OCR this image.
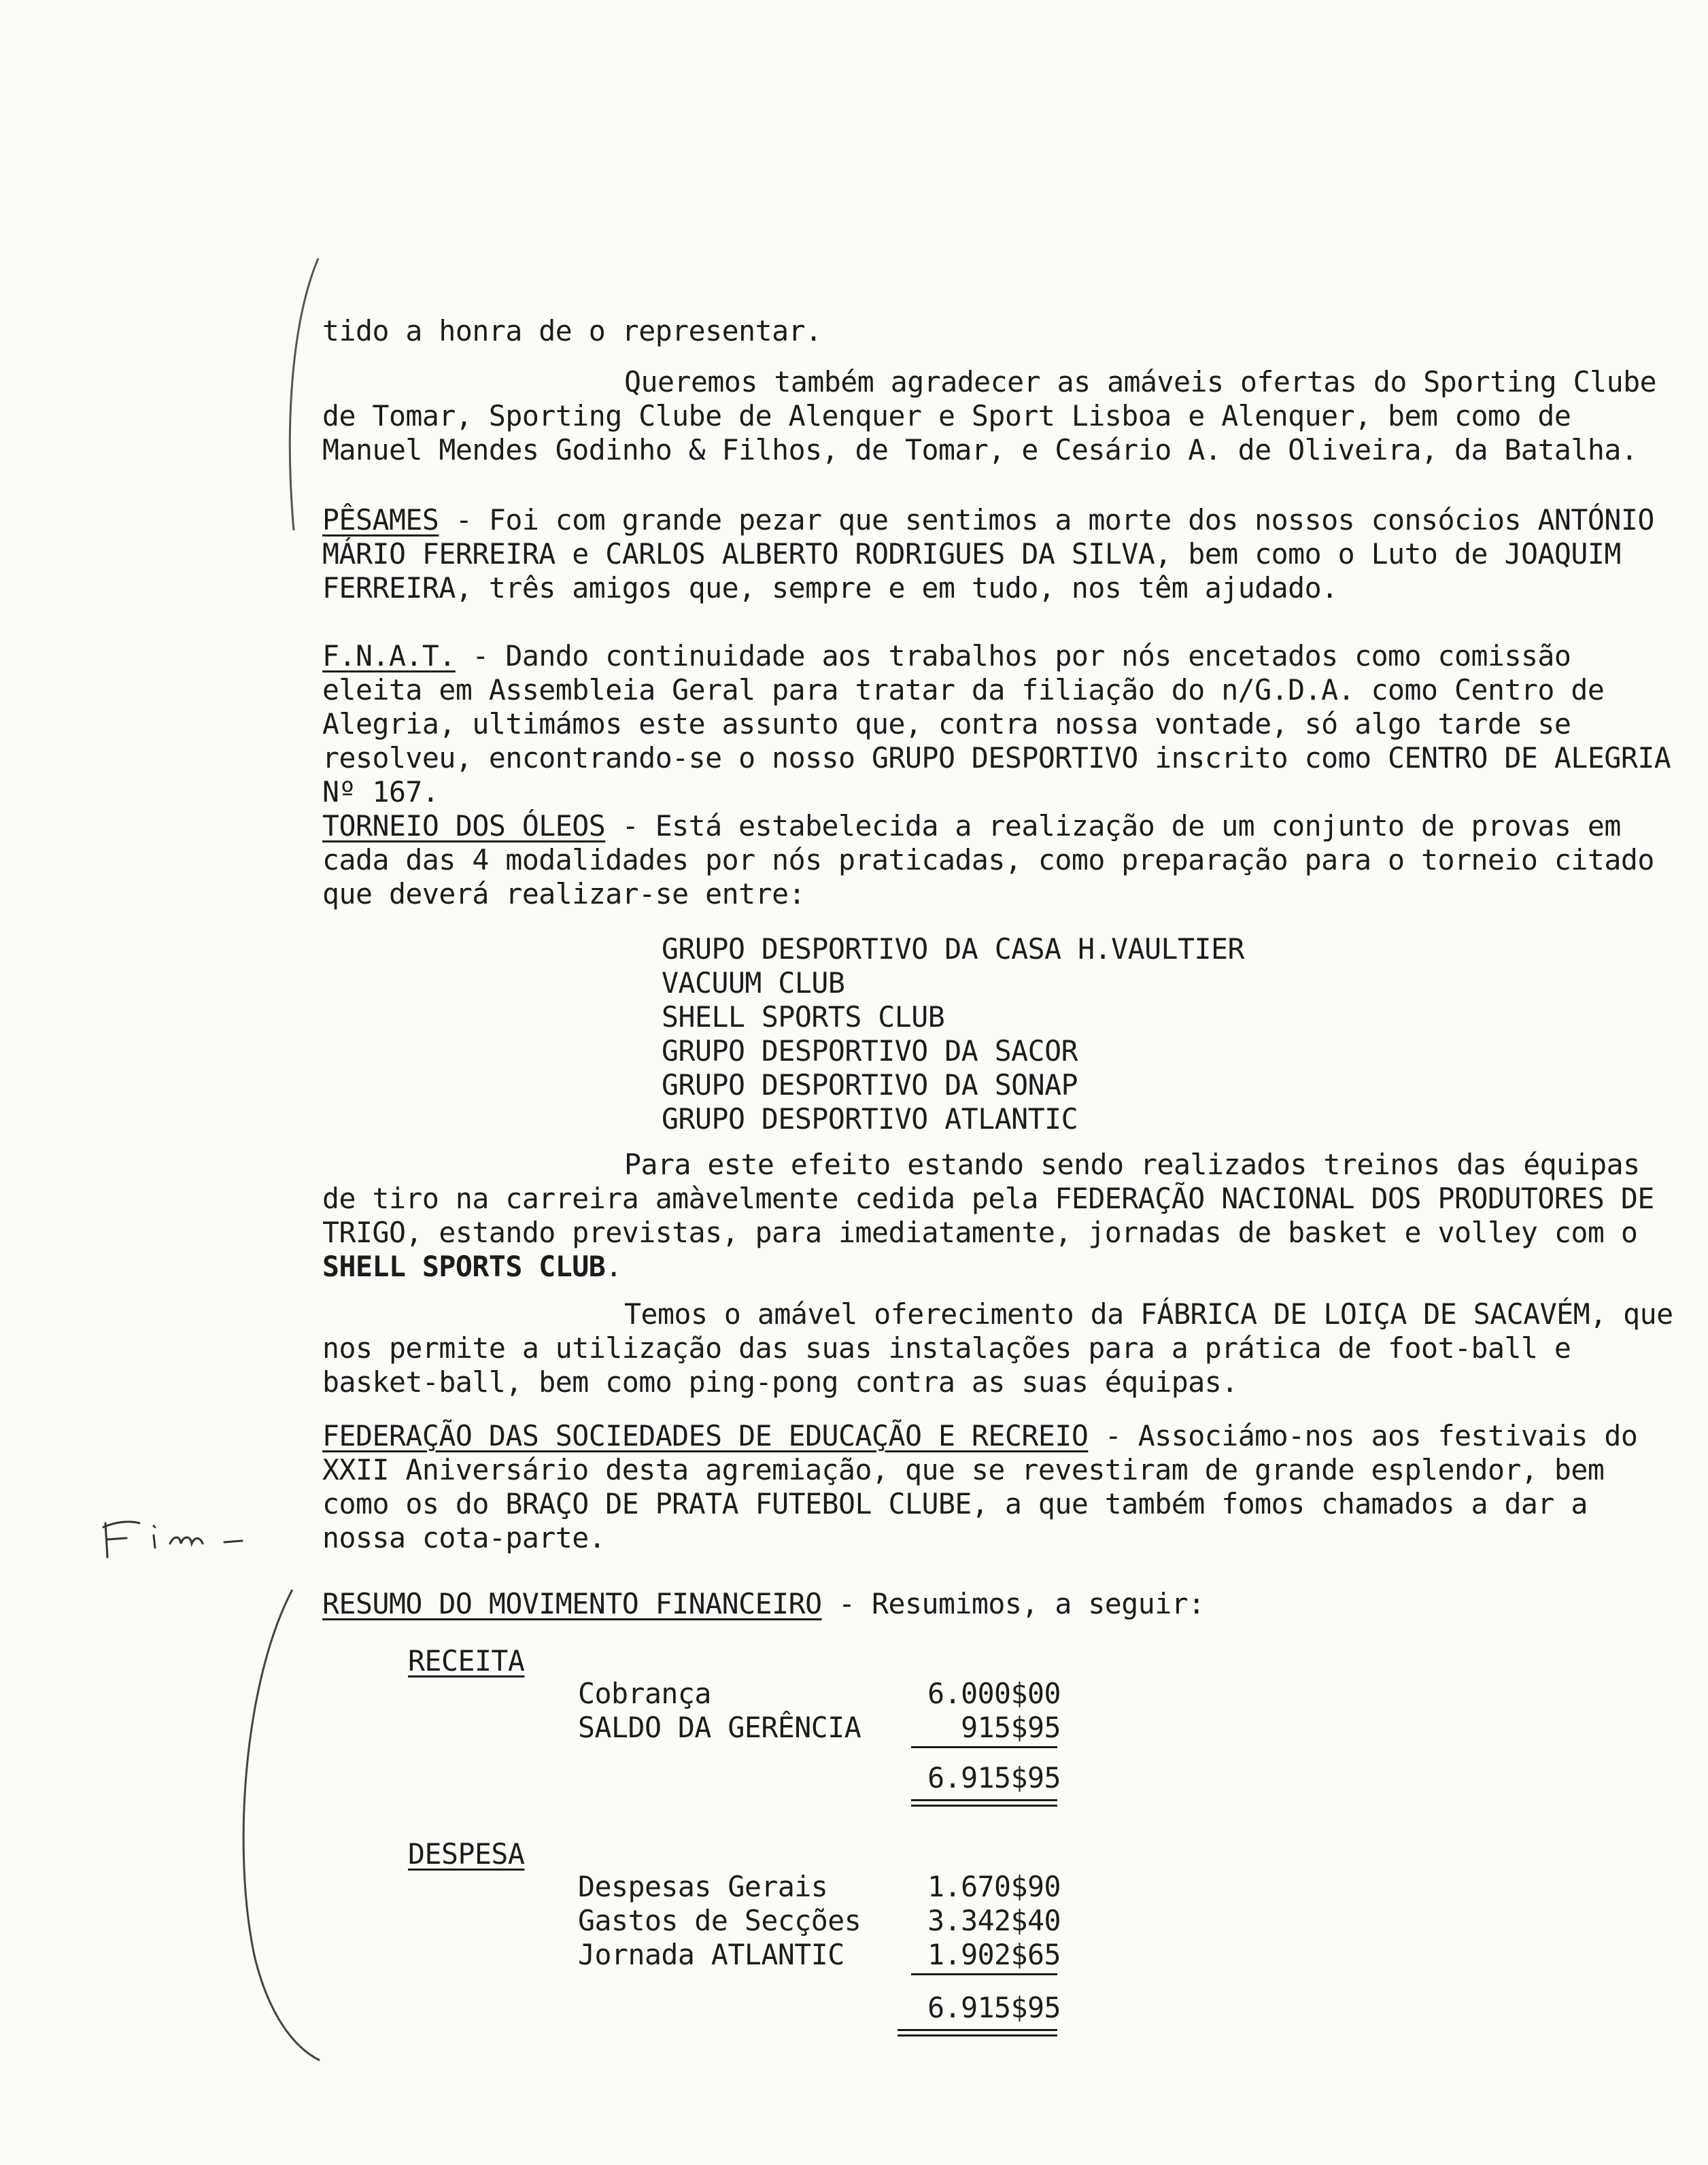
tido a honra de o representar.

Queremos também agradecer as amáveis ofertas do Sporting Clube de Tomar, Sporting Clube de Alenquer e Sport Lisboa e Alenquer, bem como de Manuel Mendes Godinho & Filhos, de Tomar, e Cesário A. de Oliveira, da Batalha.

PÊSAMES - Foi com grande pezar que sentimos a morte dos nossos consócios ANTÓNIO MÁRIO FERREIRA e CARLOS ALBERTO RODRIGUES DA SILVA, bem como o Luto de JOAQUIM FERREIRA, três amigos que, sempre e em tudo, nos têm ajudado.

F.N.A.T. - Dando continuidade aos trabalhos por nós encetados como comissão eleita em Assembleia Geral para tratar da filiação do n/G.D.A. como Centro de Alegria, ultimámos este assunto que, contra nossa vontade, só algo tarde se resolveu, encontrando-se o nosso GRUPO DESPORTIVO inscrito como CENTRO DE ALEGRIA Nº 167.

TORNEIO DOS ÓLEOS - Está estabelecida a realização de um conjunto de provas em cada das 4 modalidades por nós praticadas, como preparação para o torneio citado que deverá realizar-se entre:

GRUPO DESPORTIVO DA CASA H.VAULTIER
VACUUM CLUB
SHELL SPORTS CLUB
GRUPO DESPORTIVO DA SACOR
GRUPO DESPORTIVO DA SONAP
GRUPO DESPORTIVO ATLANTIC

Para este efeito estando sendo realizados treinos das équipas de tiro na carreira amàvelmente cedida pela FEDERAÇÃO NACIONAL DOS PRODUTORES DE TRIGO, estando previstas, para imediatamente, jornadas de basket e volley com o SHELL SPORTS CLUB.

Temos o amável oferecimento da FÁBRICA DE LOIÇA DE SACAVÉM, que nos permite a utilização das suas instalações para a prática de foot-ball e basket-ball, bem como ping-pong contra as suas équipas.

FEDERAÇÃO DAS SOCIEDADES DE EDUCAÇÃO E RECREIO - Associámo-nos aos festivais do XXII Aniversário desta agremiação, que se revestiram de grande esplendor, bem como os do BRAÇO DE PRATA FUTEBOL CLUBE, a que também fomos chamados a dar a nossa cota-parte.

RESUMO DO MOVIMENTO FINANCEIRO - Resumimos, a seguir:

RECEITA
Cobrança	6.000$00
SALDO DA GERÊNCIA	915$95
6.915$95
DESPESA
Despesas Gerais	1.670$90
Gastos de Secções	3.342$40
Jornada ATLANTIC	1.902$65
6.915$95
